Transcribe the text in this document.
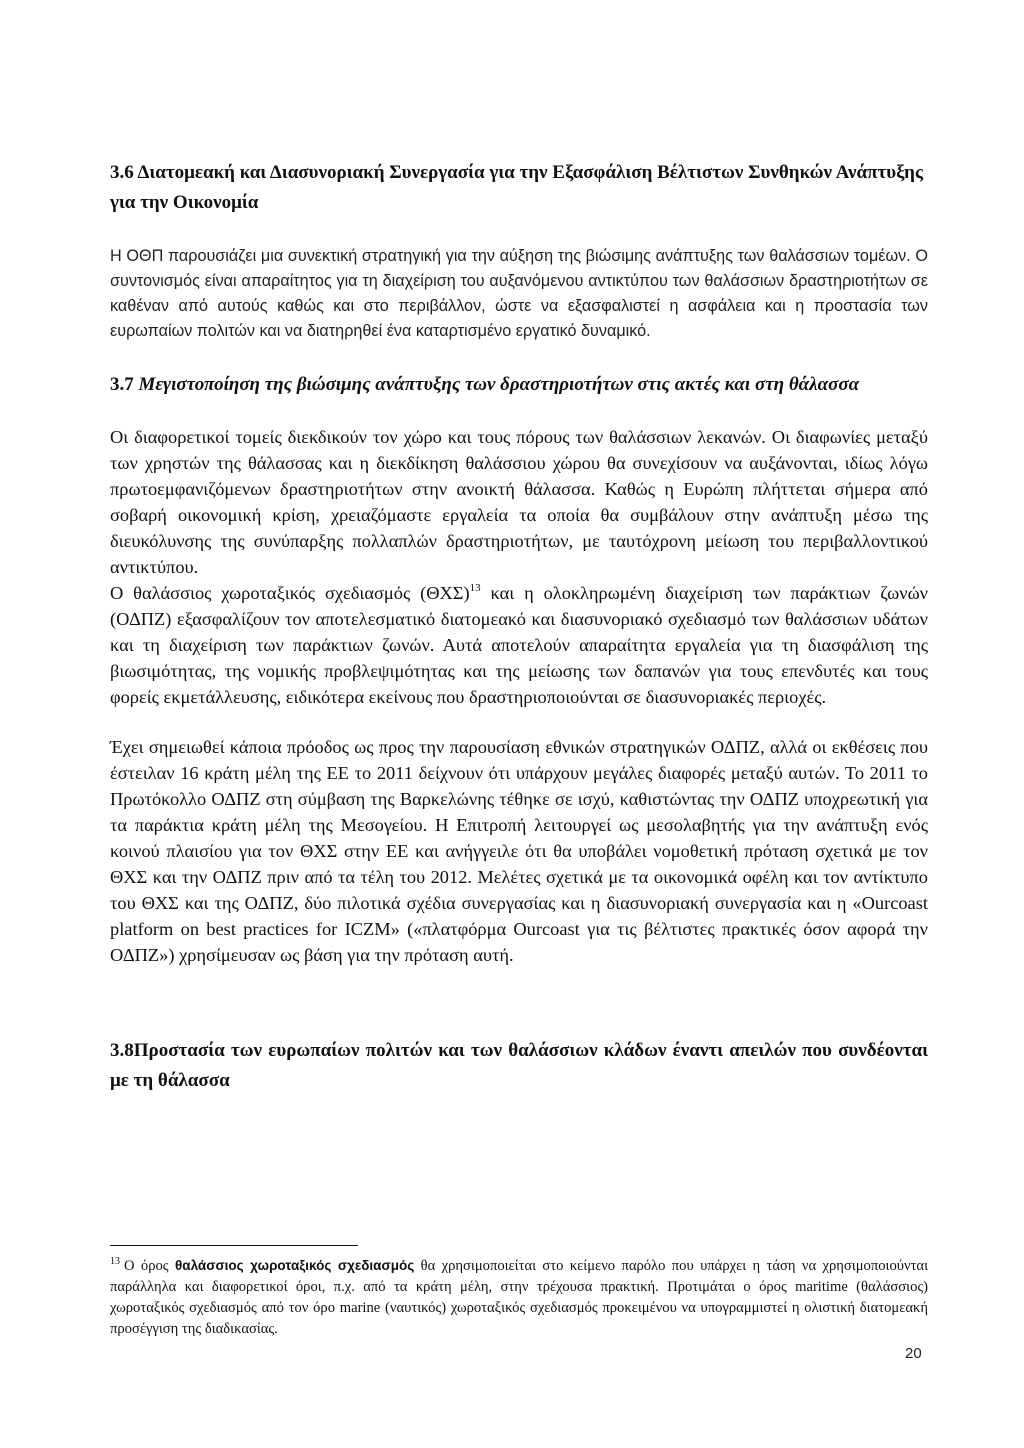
3.6 Διατομεακή και Διασυνοριακή Συνεργασία για την Εξασφάλιση Βέλτιστων Συνθηκών Ανάπτυξης για την Οικονομία

Η ΟΘΠ παρουσιάζει μια συνεκτική στρατηγική για την αύξηση της βιώσιμης ανάπτυξης των θαλάσσιων τομέων. Ο συντονισμός είναι απαραίτητος για τη διαχείριση του αυξανόμενου αντικτύπου των θαλάσσιων δραστηριοτήτων σε καθέναν από αυτούς καθώς και στο περιβάλλον, ώστε να εξασφαλιστεί η ασφάλεια και η προστασία των ευρωπαίων πολιτών και να διατηρηθεί ένα καταρτισμένο εργατικό δυναμικό.

3.7 Μεγιστοποίηση της βιώσιμης ανάπτυξης των δραστηριοτήτων στις ακτές και στη θάλασσα

Οι διαφορετικοί τομείς διεκδικούν τον χώρο και τους πόρους των θαλάσσιων λεκανών. Οι διαφωνίες μεταξύ των χρηστών της θάλασσας και η διεκδίκηση θαλάσσιου χώρου θα συνεχίσουν να αυξάνονται, ιδίως λόγω πρωτοεμφανιζόμενων δραστηριοτήτων στην ανοικτή θάλασσα. Καθώς η Ευρώπη πλήττεται σήμερα από σοβαρή οικονομική κρίση, χρειαζόμαστε εργαλεία τα οποία θα συμβάλουν στην ανάπτυξη μέσω της διευκόλυνσης της συνύπαρξης πολλαπλών δραστηριοτήτων, με ταυτόχρονη μείωση του περιβαλλοντικού αντικτύπου.

Ο θαλάσσιος χωροταξικός σχεδιασμός (ΘΧΣ)$^{13}$ και η ολοκληρωμένη διαχείριση των παράκτιων ζωνών (ΟΔΠΖ) εξασφαλίζουν τον αποτελεσματικό διατομεακό και διασυνοριακό σχεδιασμό των θαλάσσιων υδάτων και τη διαχείριση των παράκτιων ζωνών. Αυτά αποτελούν απαραίτητα εργαλεία για τη διασφάλιση της βιωσιμότητας, της νομικής προβλεψιμότητας και της μείωσης των δαπανών για τους επενδυτές και τους φορείς εκμετάλλευσης, ειδικότερα εκείνους που δραστηριοποιούνται σε διασυνοριακές περιοχές.

Έχει σημειωθεί κάποια πρόοδος ως προς την παρουσίαση εθνικών στρατηγικών ΟΔΠΖ, αλλά οι εκθέσεις που έστειλαν 16 κράτη μέλη της ΕΕ το 2011 δείχνουν ότι υπάρχουν μεγάλες διαφορές μεταξύ αυτών. Το 2011 το Πρωτόκολλο ΟΔΠΖ στη σύμβαση της Βαρκελώνης τέθηκε σε ισχύ, καθιστώντας την ΟΔΠΖ υποχρεωτική για τα παράκτια κράτη μέλη της Μεσογείου. Η Επιτροπή λειτουργεί ως μεσολαβητής για την ανάπτυξη ενός κοινού πλαισίου για τον ΘΧΣ στην ΕΕ και ανήγγειλε ότι θα υποβάλει νομοθετική πρόταση σχετικά με τον ΘΧΣ και την ΟΔΠΖ πριν από τα τέλη του 2012. Μελέτες σχετικά με τα οικονομικά οφέλη και τον αντίκτυπο του ΘΧΣ και της ΟΔΠΖ, δύο πιλοτικά σχέδια συνεργασίας και η διασυνοριακή συνεργασία και η «Ourcoast platform on best practices for ICZM» («πλατφόρμα Ourcoast για τις βέλτιστες πρακτικές όσον αφορά την ΟΔΠΖ») χρησίμευσαν ως βάση για την πρόταση αυτή.

3.8Προστασία των ευρωπαίων πολιτών και των θαλάσσιων κλάδων έναντι απειλών που συνδέονται με τη θάλασσα

$^{13}$ Ο όρος θαλάσσιος χωροταξικός σχεδιασμός θα χρησιμοποιείται στο κείμενο παρόλο που υπάρχει η τάση να χρησιμοποιούνται παράλληλα και διαφορετικοί όροι, π.χ. από τα κράτη μέλη, στην τρέχουσα πρακτική. Προτιμάται ο όρος maritime (θαλάσσιος) χωροταξικός σχεδιασμός από τον όρο marine (ναυτικός) χωροταξικός σχεδιασμός προκειμένου να υπογραμμιστεί η ολιστική διατομεακή προσέγγιση της διαδικασίας.

20
